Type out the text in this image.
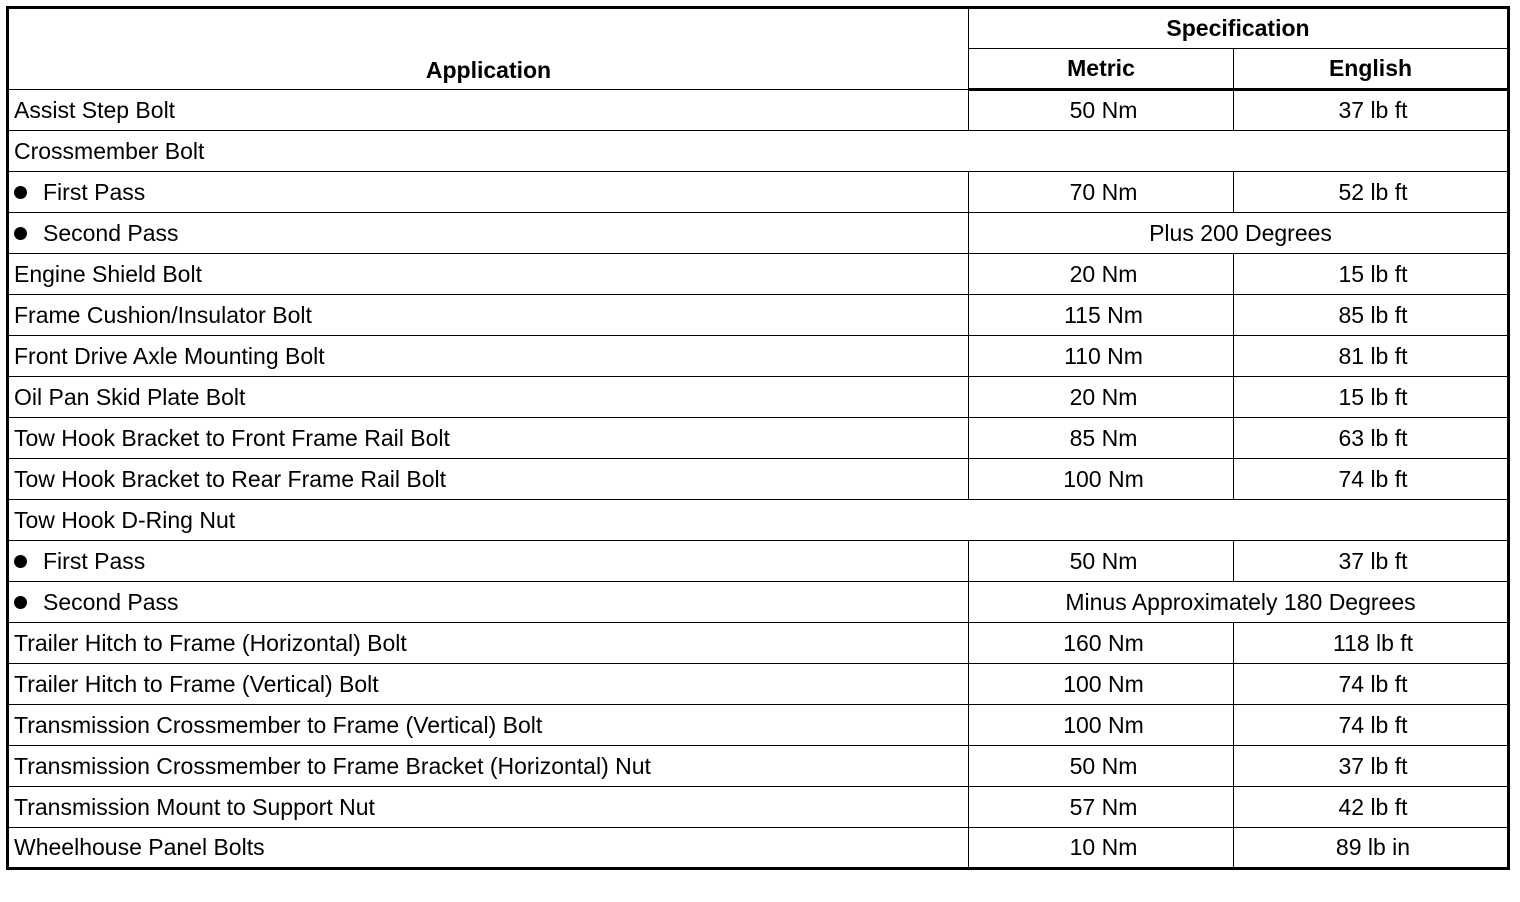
Application	Specification	
	Metric	English
Assist Step Bolt	50 Nm	37 lb ft
Crossmember Bolt		
First Pass	70 Nm	52 lb ft
Second Pass	Plus 200 Degrees	
Engine Shield Bolt	20 Nm	15 lb ft
Frame Cushion/Insulator Bolt	115 Nm	85 lb ft
Front Drive Axle Mounting Bolt	110 Nm	81 lb ft
Oil Pan Skid Plate Bolt	20 Nm	15 lb ft
Tow Hook Bracket to Front Frame Rail Bolt	85 Nm	63 lb ft
Tow Hook Bracket to Rear Frame Rail Bolt	100 Nm	74 lb ft
Tow Hook D-Ring Nut		
First Pass	50 Nm	37 lb ft
Second Pass	Minus Approximately 180 Degrees	
Trailer Hitch to Frame (Horizontal) Bolt	160 Nm	118 lb ft
Trailer Hitch to Frame (Vertical) Bolt	100 Nm	74 lb ft
Transmission Crossmember to Frame (Vertical) Bolt	100 Nm	74 lb ft
Transmission Crossmember to Frame Bracket (Horizontal) Nut	50 Nm	37 lb ft
Transmission Mount to Support Nut	57 Nm	42 lb ft
Wheelhouse Panel Bolts	10 Nm	89 lb in
